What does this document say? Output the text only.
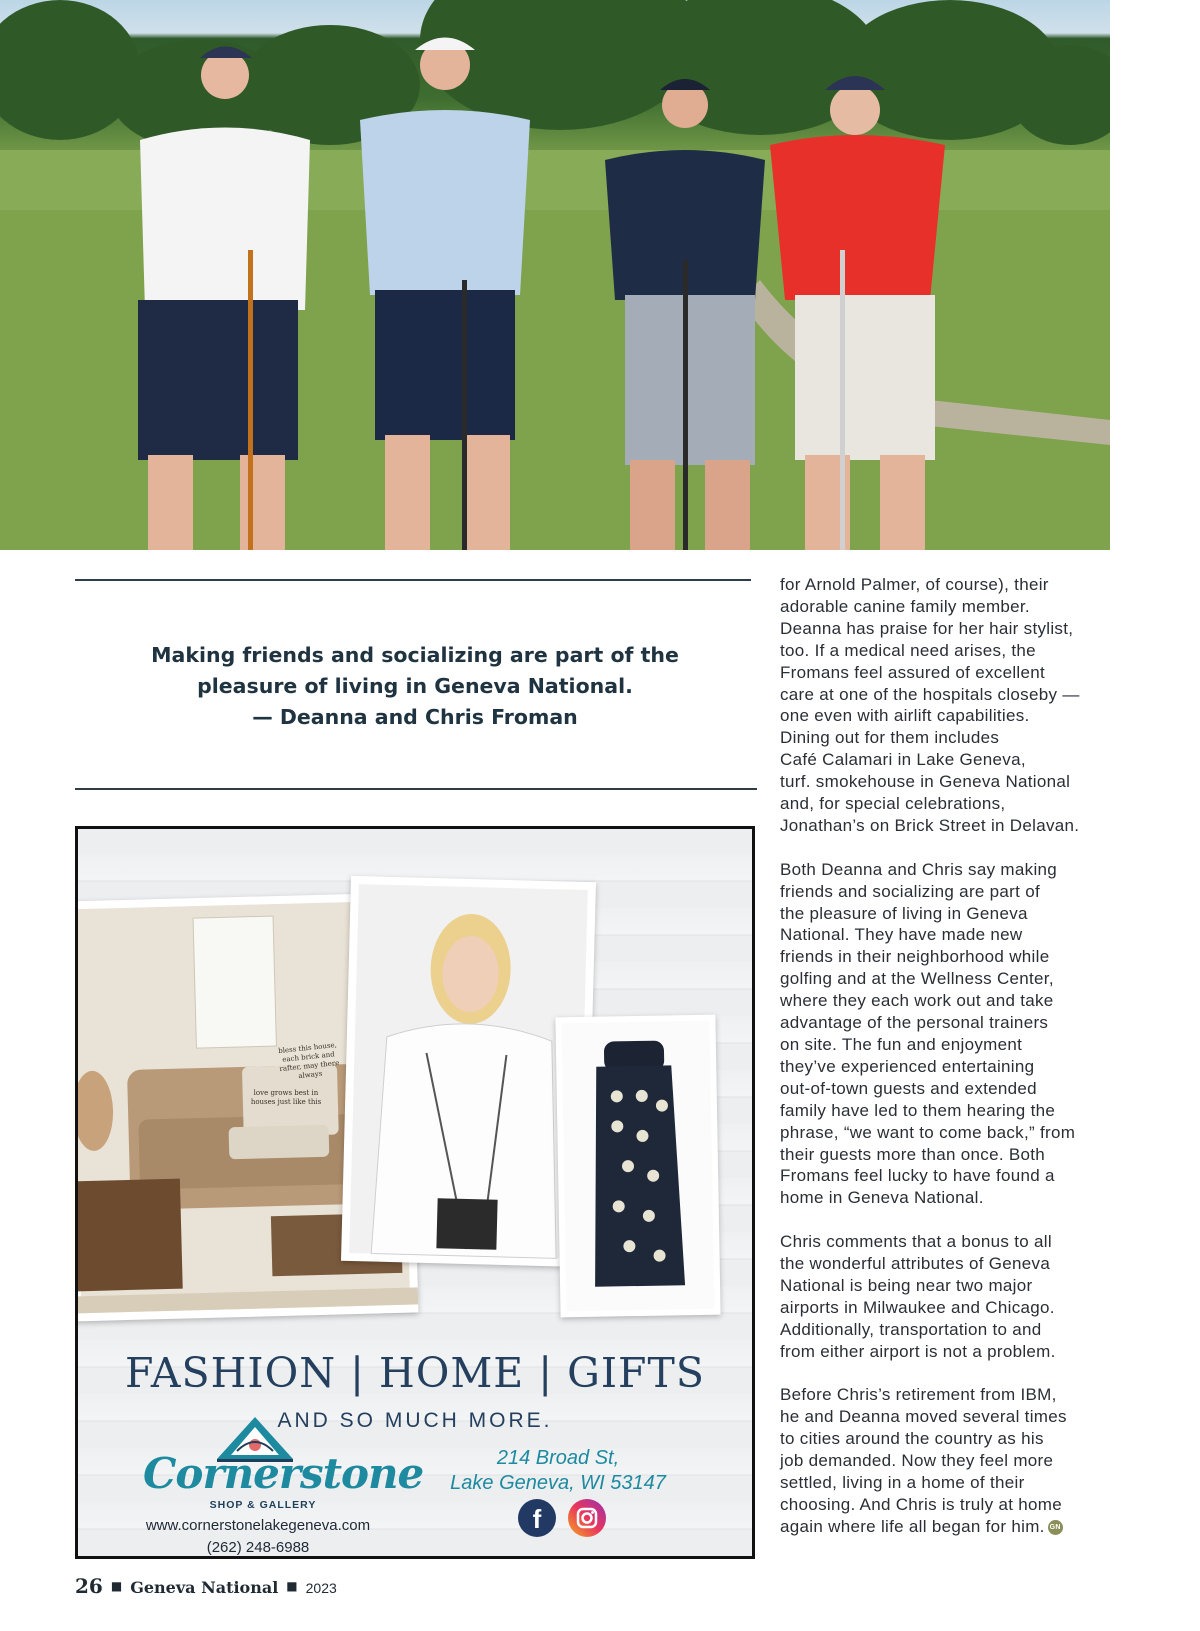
Making friends and socializing are part of the
pleasure of living in Geneva National.
— Deanna and Chris Froman
bless this house, each brick and rafter, may there always
love grows best in houses just like this
FASHION | HOME | GIFTS
AND SO MUCH MORE.
Cornerstone
SHOP & GALLERY
www.cornerstonelakegeneva.com
(262) 248-6988
214 Broad St,
Lake Geneva, WI 53147
f

for Arnold Palmer, of course), their
adorable canine family member.
Deanna has praise for her hair stylist,
too. If a medical need arises, the
Fromans feel assured of excellent
care at one of the hospitals closeby —
one even with airlift capabilities.
Dining out for them includes
Café Calamari in Lake Geneva,
turf. smokehouse in Geneva National
and, for special celebrations,
Jonathan’s on Brick Street in Delavan.

Both Deanna and Chris say making
friends and socializing are part of
the pleasure of living in Geneva
National. They have made new
friends in their neighborhood while
golfing and at the Wellness Center,
where they each work out and take
advantage of the personal trainers
on site. The fun and enjoyment
they’ve experienced entertaining
out-of-town guests and extended
family have led to them hearing the
phrase, “we want to come back,” from
their guests more than once. Both
Fromans feel lucky to have found a
home in Geneva National.

Chris comments that a bonus to all
the wonderful attributes of Geneva
National is being near two major
airports in Milwaukee and Chicago.
Additionally, transportation to and
from either airport is not a problem.

Before Chris’s retirement from IBM,
he and Deanna moved several times
to cities around the country as his
job demanded. Now they feel more
settled, living in a home of their
choosing. And Chris is truly at home
again where life all began for him. GN

26 ■ Geneva National ■ 2023
